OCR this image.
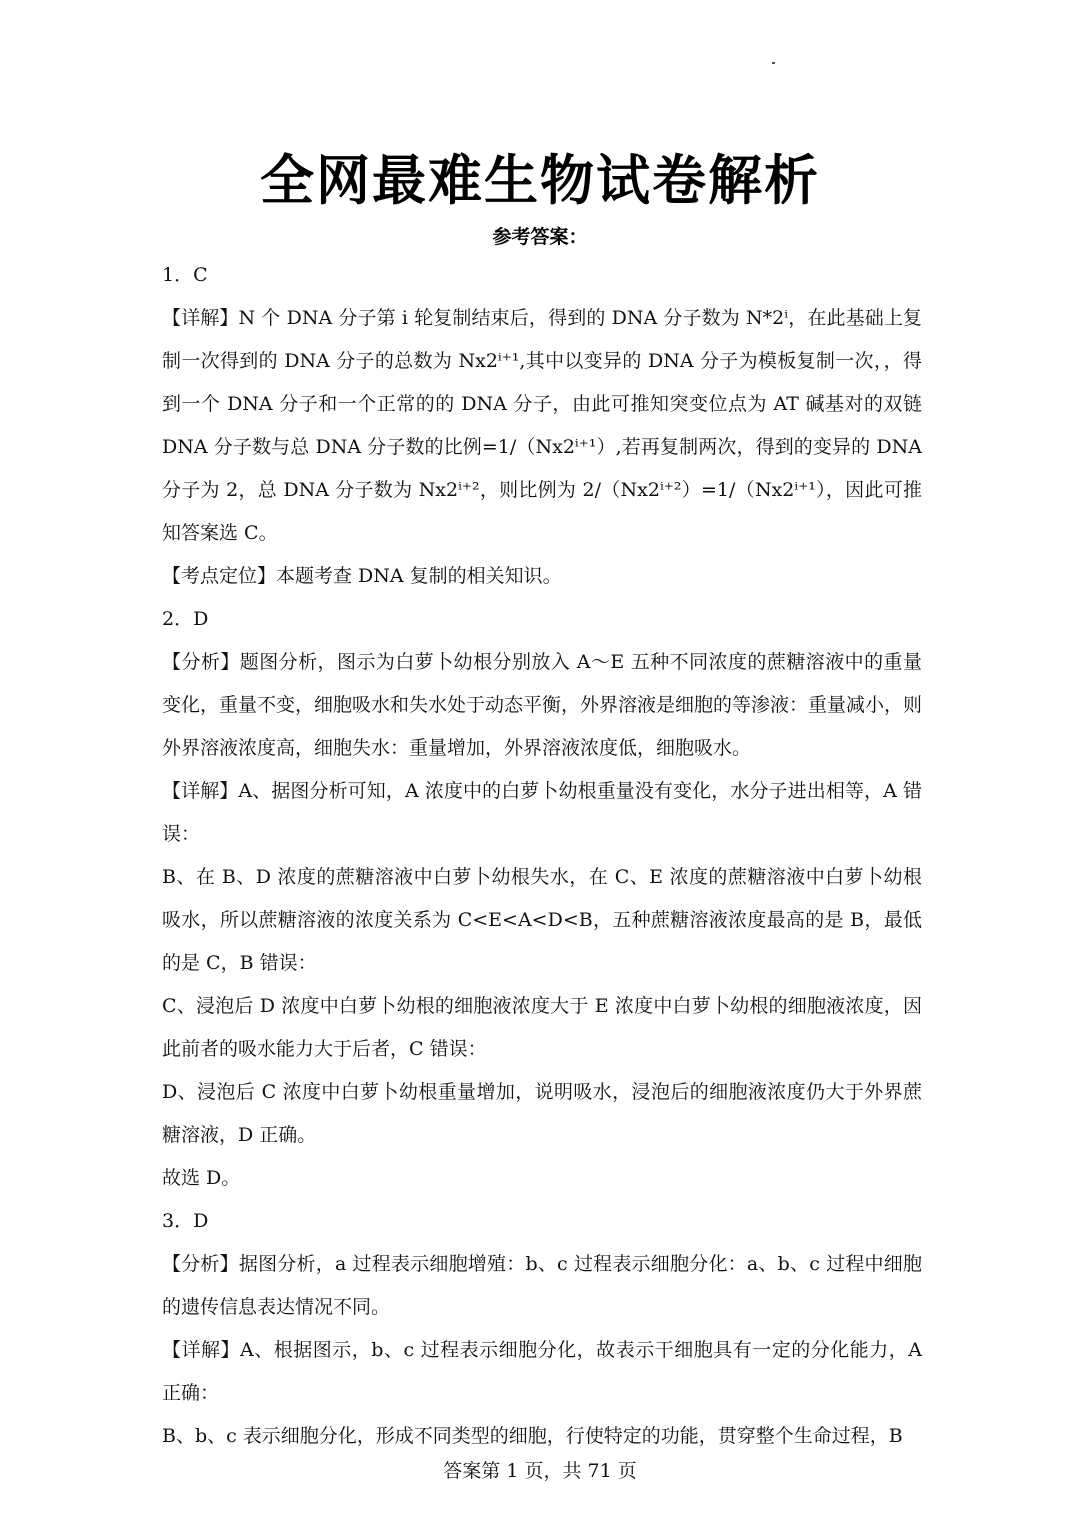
全网最难生物试卷解析
参考答案：

1．C

【详解】N 个 DNA 分子第 i 轮复制结束后，得到的 DNA 分子数为 N*2ⁱ，在此基础上复制一次得到的 DNA 分子的总数为 Nx2ⁱ⁺¹,其中以变异的 DNA 分子为模板复制一次，，得到一个 DNA 分子和一个正常的的 DNA 分子，由此可推知突变位点为 AT 碱基对的双链 DNA 分子数与总 DNA 分子数的比例=1/（Nx2ⁱ⁺¹）,若再复制两次，得到的变异的 DNA 分子为 2，总 DNA 分子数为 Nx2ⁱ⁺²，则比例为 2/（Nx2ⁱ⁺²）=1/（Nx2ⁱ⁺¹），因此可推知答案选 C。

【考点定位】本题考查 DNA 复制的相关知识。

2．D

【分析】题图分析，图示为白萝卜幼根分别放入 A～E 五种不同浓度的蔗糖溶液中的重量变化，重量不变，细胞吸水和失水处于动态平衡，外界溶液是细胞的等渗液：重量减小，则外界溶液浓度高，细胞失水：重量增加，外界溶液浓度低，细胞吸水。

【详解】A、据图分析可知，A 浓度中的白萝卜幼根重量没有变化，水分子进出相等，A 错误：

B、在 B、D 浓度的蔗糖溶液中白萝卜幼根失水，在 C、E 浓度的蔗糖溶液中白萝卜幼根吸水，所以蔗糖溶液的浓度关系为 C<E<A<D<B，五种蔗糖溶液浓度最高的是 B，最低的是 C，B 错误：

C、浸泡后 D 浓度中白萝卜幼根的细胞液浓度大于 E 浓度中白萝卜幼根的细胞液浓度，因此前者的吸水能力大于后者，C 错误：

D、浸泡后 C 浓度中白萝卜幼根重量增加，说明吸水，浸泡后的细胞液浓度仍大于外界蔗糖溶液，D 正确。

故选 D。

3．D

【分析】据图分析，a 过程表示细胞增殖：b、c 过程表示细胞分化：a、b、c 过程中细胞的遗传信息表达情况不同。

【详解】A、根据图示，b、c 过程表示细胞分化，故表示干细胞具有一定的分化能力，A 正确：

B、b、c 表示细胞分化，形成不同类型的细胞，行使特定的功能，贯穿整个生命过程，B

答案第 1 页，共 71 页
